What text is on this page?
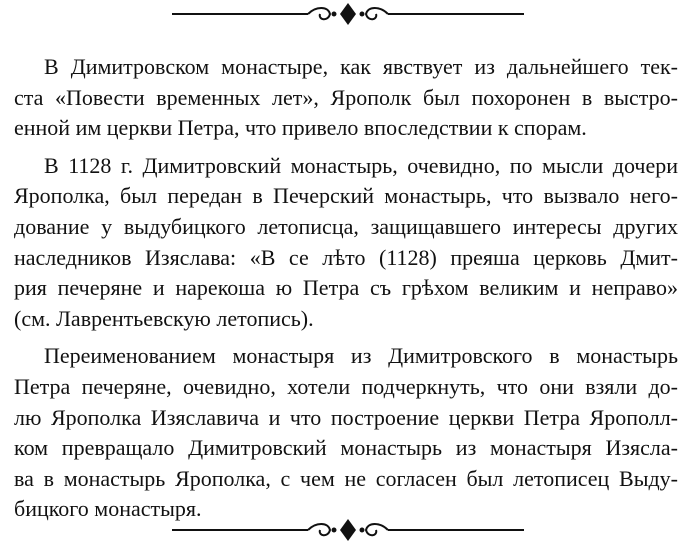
В Димитровском монастыре, как явствует из дальнейшего тек-
ста «Повести временных лет», Ярополк был похоронен в выстро-
енной им церкви Петра, что привело впоследствии к спорам.

В 1128 г. Димитровский монастырь, очевидно, по мысли дочери
Ярополка, был передан в Печерский монастырь, что вызвало него-
дование у выдубицкого летописца, защищавшего интересы других
наследников Изяслава: «В се лѣто (1128) преяша церковь Дмит-
рия печеряне и нарекоша ю Петра съ грѣхом великим и неправо»
(см. Лаврентьевскую летопись).

Переименованием монастыря из Димитровского в монастырь
Петра печеряне, очевидно, хотели подчеркнуть, что они взяли до-
лю Ярополка Изяславича и что построение церкви Петра Ярополл-
ком превращало Димитровский монастырь из монастыря Изясла-
ва в монастырь Ярополка, с чем не согласен был летописец Выду-
бицкого монастыря.
